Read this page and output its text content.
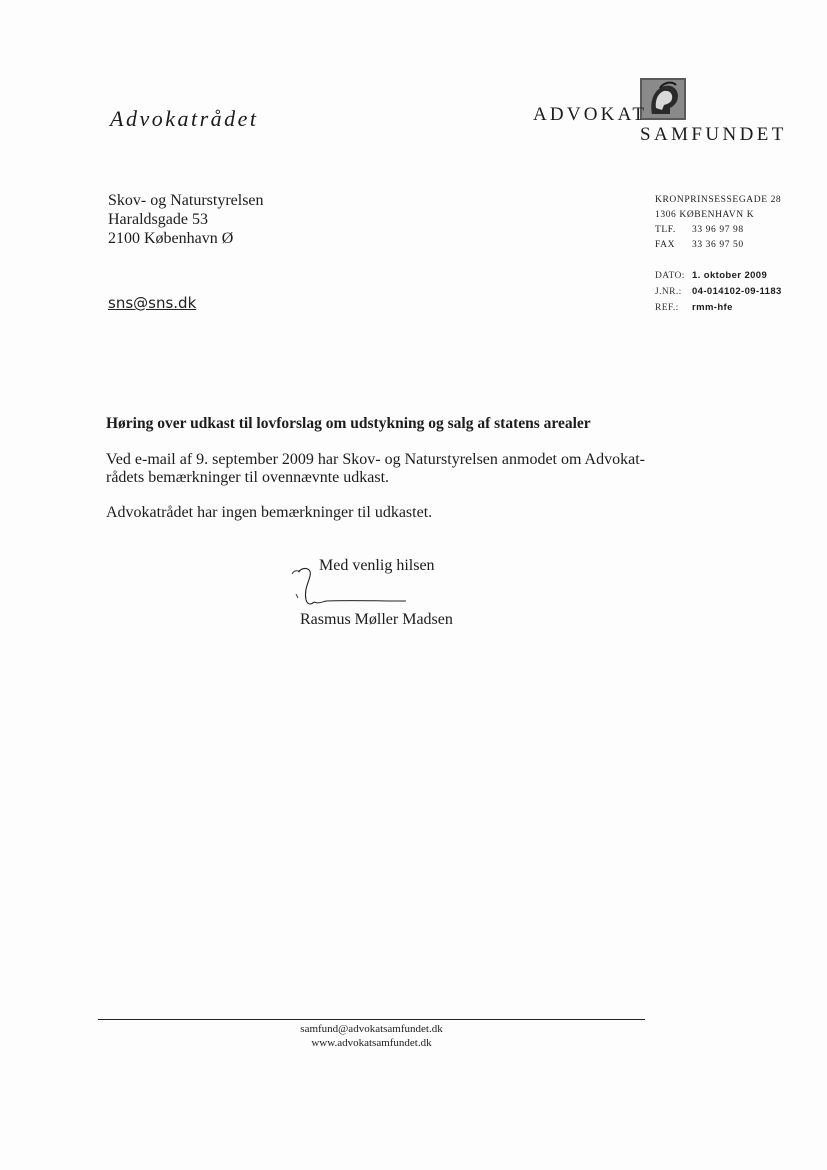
Advokatrådet	ADVOKAT
SAMFUNDET
Skov- og Naturstyrelsen
Haraldsgade 53
2100 København Ø
sns@sns.dk
KRONPRINSESSEGADE 28
1306 KØBENHAVN K
TLF.	33 96 97 98
FAX	33 36 97 50
DATO: 1. oktober 2009
J.NR.:	04-014102-09-1183
REF.:	rmm-hfe
Høring over udkast til lovforslag om udstykning og salg af statens arealer
Ved e-mail af 9. september 2009 har Skov- og Naturstyrelsen anmodet om Advokat-rådets bemærkninger til ovennævnte udkast.
Advokatrådet har ingen bemærkninger til udkastet.
Med venlig hilsen
Rasmus Møller Madsen
samfund@advokatsamfundet.dk
www.advokatsamfundet.dk
